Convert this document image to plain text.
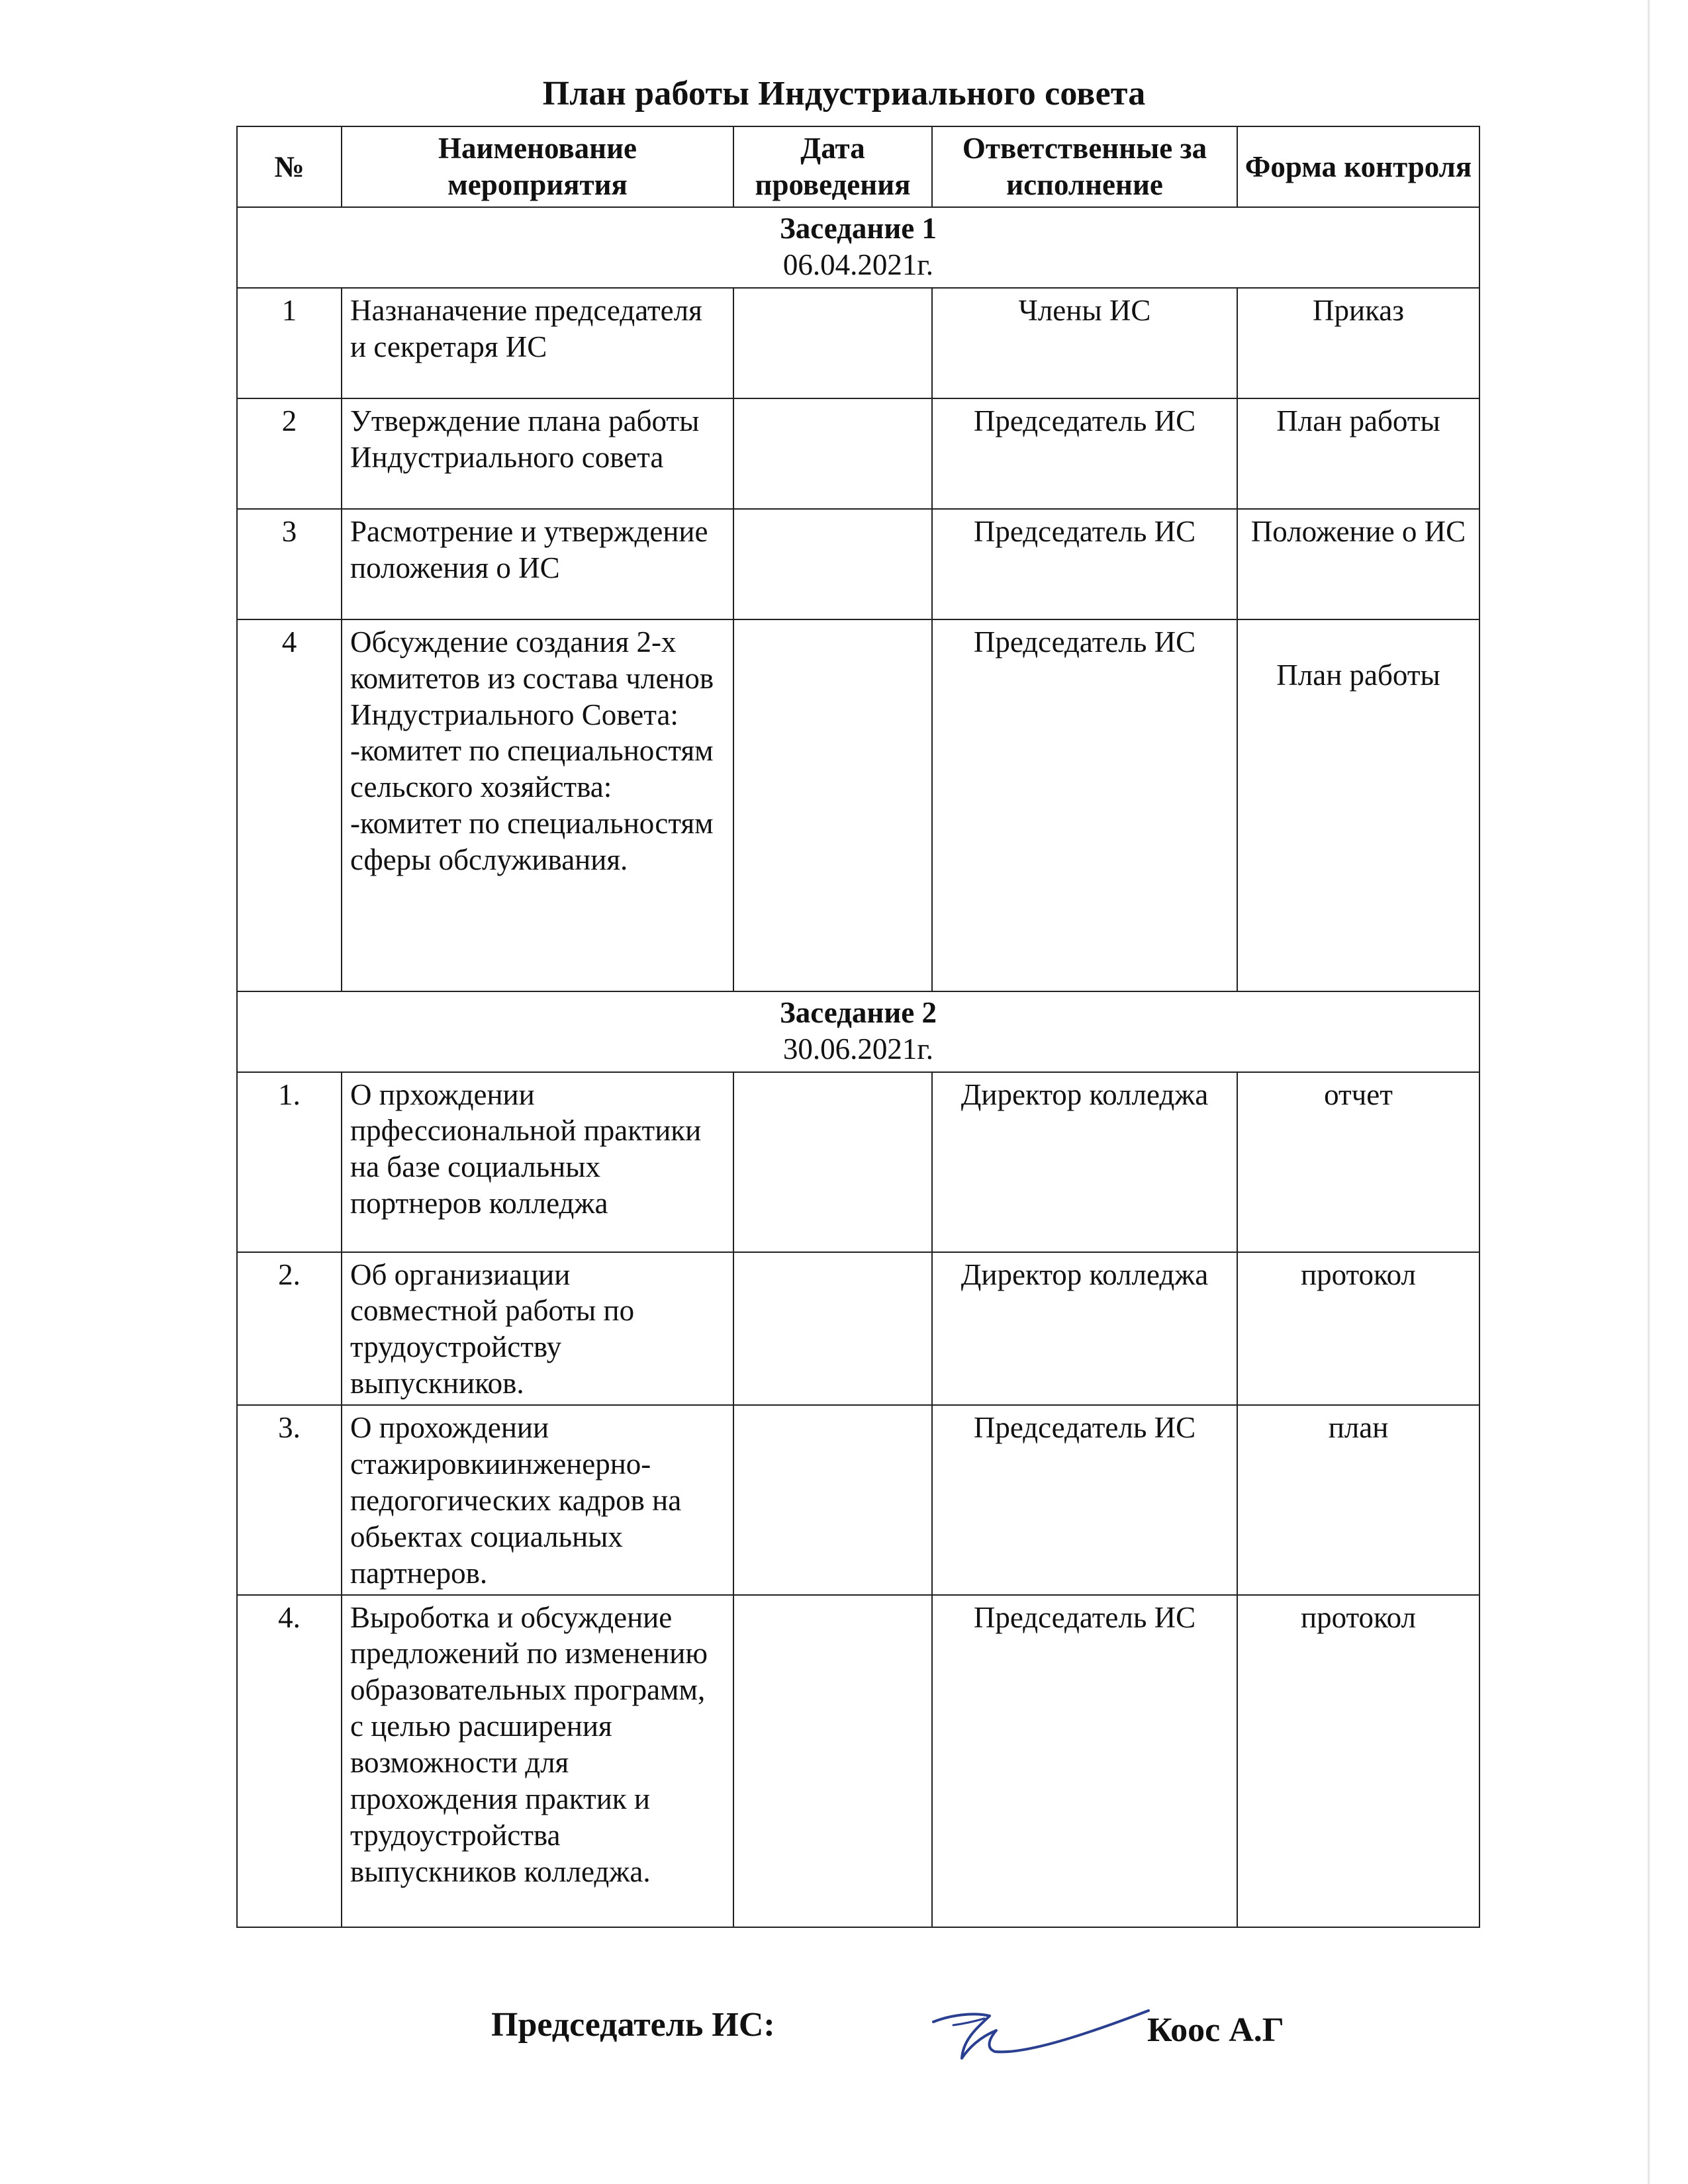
План работы Индустриального совета
№	Наименование мероприятия	Дата проведения	Ответственные за исполнение	Форма контроля

Заседание 1
06.04.2021г.				

1	Назнаначение председателя и секретаря ИС		Члены ИС	Приказ
2	Утверждение плана работы Индустриального совета		Председатель ИС	План работы
3	Расмотрение и утверждение положения о ИС		Председатель ИС	Положение о ИС
4	Обсуждение создания 2-х комитетов из состава членов Индустриального Совета:
-комитет по специальностям сельского хозяйства:
-комитет по специальностям сферы обслуживания.		Председатель ИС	План работы

Заседание 2
30.06.2021г.				

1.	О прхождении прфессиональной практики на базе социальных портнеров колледжа		Директор колледжа	отчет
2.	Об организиации совместной работы по трудоустройству выпускников.		Директор колледжа	протокол
3.	О прохождении стажировкиинженерно-педогогических кадров на обьектах социальных партнеров.		Председатель ИС	план
4.	Выроботка и обсуждение предложений по изменению образовательных программ, с целью расширения возможности для прохождения практик и трудоустройства выпускников колледжа.		Председатель ИС	протокол
Председатель ИС:	Коос А.Г
